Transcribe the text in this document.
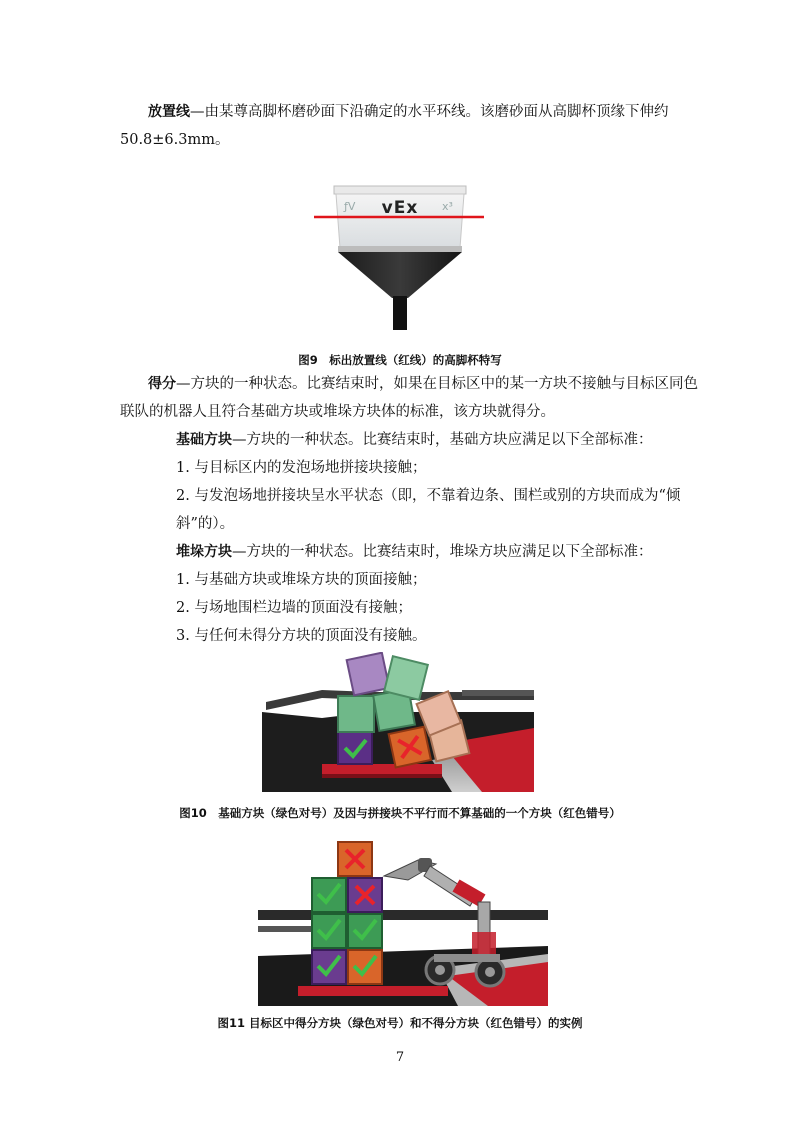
放置线—由某尊高脚杯磨砂面下沿确定的水平环线。该磨砂面从高脚杯顶缘下伸约
50.8±6.3mm。
ƒV vEx x³
图9　标出放置线（红线）的高脚杯特写
得分—方块的一种状态。比赛结束时，如果在目标区中的某一方块不接触与目标区同色
联队的机器人且符合基础方块或堆垛方块体的标准，该方块就得分。
基础方块—方块的一种状态。比赛结束时，基础方块应满足以下全部标准：
1. 与目标区内的发泡场地拼接块接触；
2. 与发泡场地拼接块呈水平状态（即，不靠着边条、围栏或别的方块而成为“倾
斜”的）。
堆垛方块—方块的一种状态。比赛结束时，堆垛方块应满足以下全部标准：
1. 与基础方块或堆垛方块的顶面接触；
2. 与场地围栏边墙的顶面没有接触；
3. 与任何未得分方块的顶面没有接触。
图10　基础方块（绿色对号）及因与拼接块不平行而不算基础的一个方块（红色错号）
图11 目标区中得分方块（绿色对号）和不得分方块（红色错号）的实例
7
